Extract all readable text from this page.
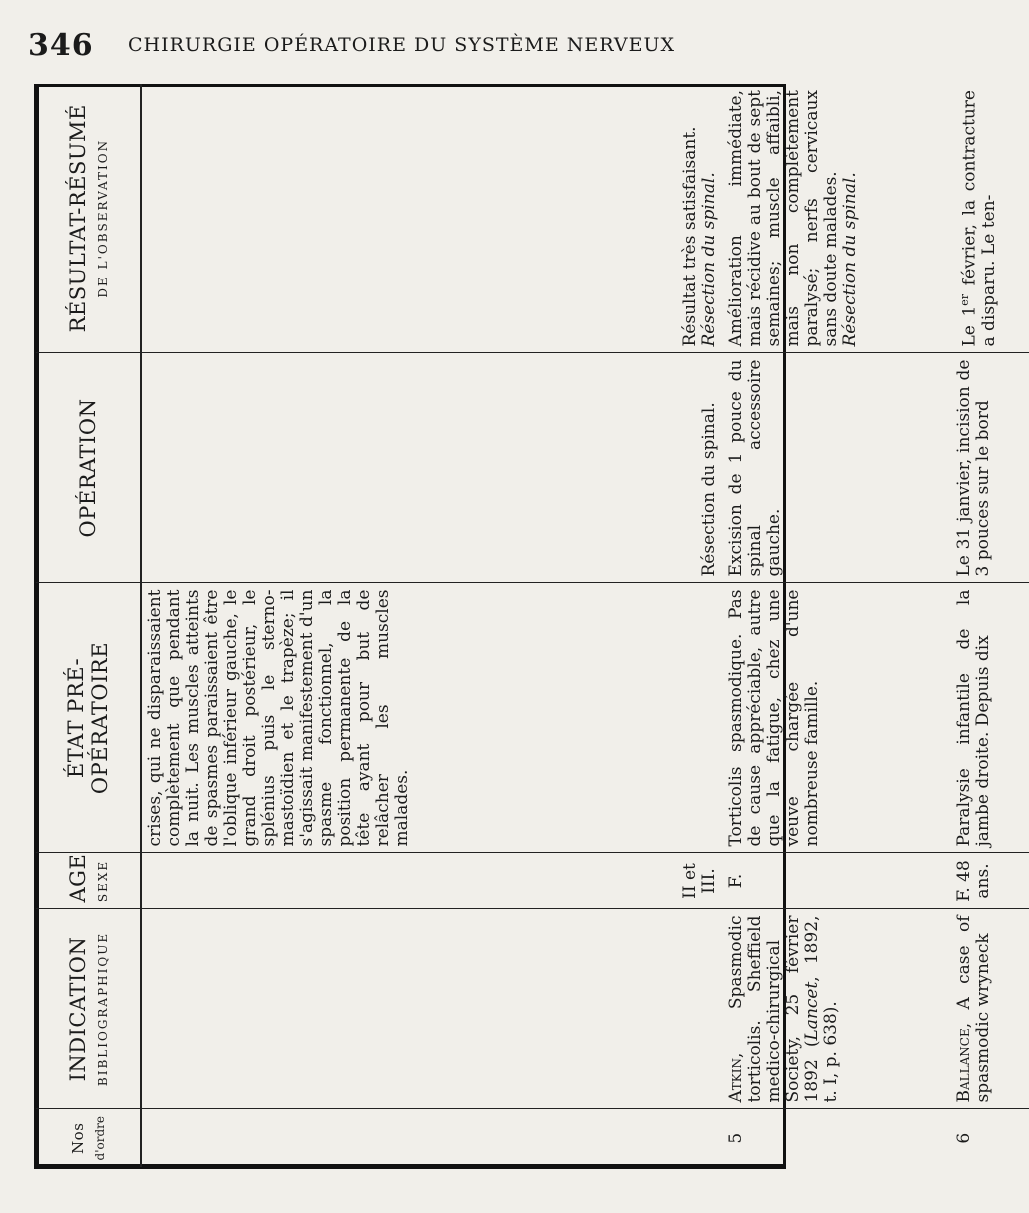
346 CHIRURGIE OPÉRATOIRE DU SYSTÈME NERVEUX
Nos d'ordre	INDICATION BIBLIOGRAPHIQUE	AGE SEXE	ÉTAT PRÉ-OPÉRATOIRE	OPÉRATION	RÉSULTAT-RÉSUMÉ DE L'OBSERVATION

			crises, qui ne disparaissaient complètement que pendant la nuit. Les muscles atteints de spasmes paraissaient être l'oblique inférieur gauche, le grand droit postérieur, le splénius puis le sterno-mastoïdien et le trapèze; il s'agissait manifestement d'un spasme fonctionnel, la position permanente de la tête ayant pour but de relâcher les muscles malades.		

		II et III.		Résection du spinal.	Résultat très satisfaisant. Résection du spinal.

5	Atkin, Spasmodic torticolis. Sheffield medico-chirurgical Society, 25 février 1892 (Lancet, 1892, t. I, p. 638).	F.	Torticolis spasmodique. Pas de cause appréciable, autre que la fatigue, chez une veuve chargée d'une nombreuse famille.	Excision de 1 pouce du spinal accessoire gauche.	Amélioration immédiate, mais récidive au bout de sept semaines; muscle affaibli, mais non complètement paralysé; nerfs cervicaux sans doute malades. Résection du spinal.

6	Ballance, A case of spasmodic wryneck	F. 48 ans.	Paralysie infantile de la jambe droite. Depuis dix	Le 31 janvier, incision de 3 pouces sur le bord	Le 1er février, la contracture a disparu. Le ten-
